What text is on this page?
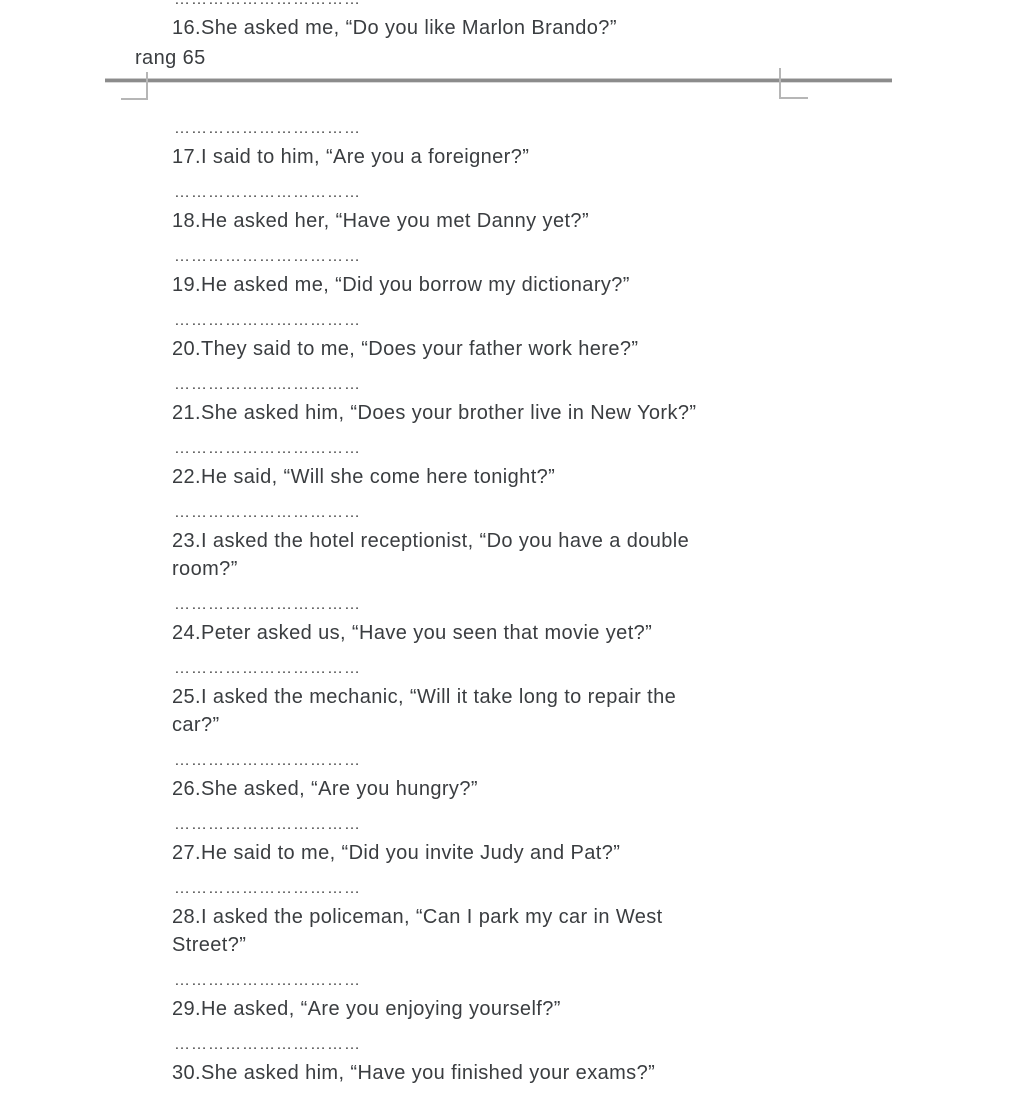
16.She asked me, “Do you like Marlon Brando?”
rang 65
……………………………
17.I said to him, “Are you a foreigner?”
……………………………
18.He asked her, “Have you met Danny yet?”
……………………………
19.He asked me, “Did you borrow my dictionary?”
……………………………
20.They said to me, “Does your father work here?”
……………………………
21.She asked him, “Does your brother live in New York?”
……………………………
22.He said, “Will she come here tonight?”
……………………………
23.I asked the hotel receptionist, “Do you have a double
room?”
……………………………
24.Peter asked us, “Have you seen that movie yet?”
……………………………
25.I asked the mechanic, “Will it take long to repair the
car?”
……………………………
26.She asked, “Are you hungry?”
……………………………
27.He said to me, “Did you invite Judy and Pat?”
……………………………
28.I asked the policeman, “Can I park my car in West
Street?”
……………………………
29.He asked, “Are you enjoying yourself?”
……………………………
30.She asked him, “Have you finished your exams?”
